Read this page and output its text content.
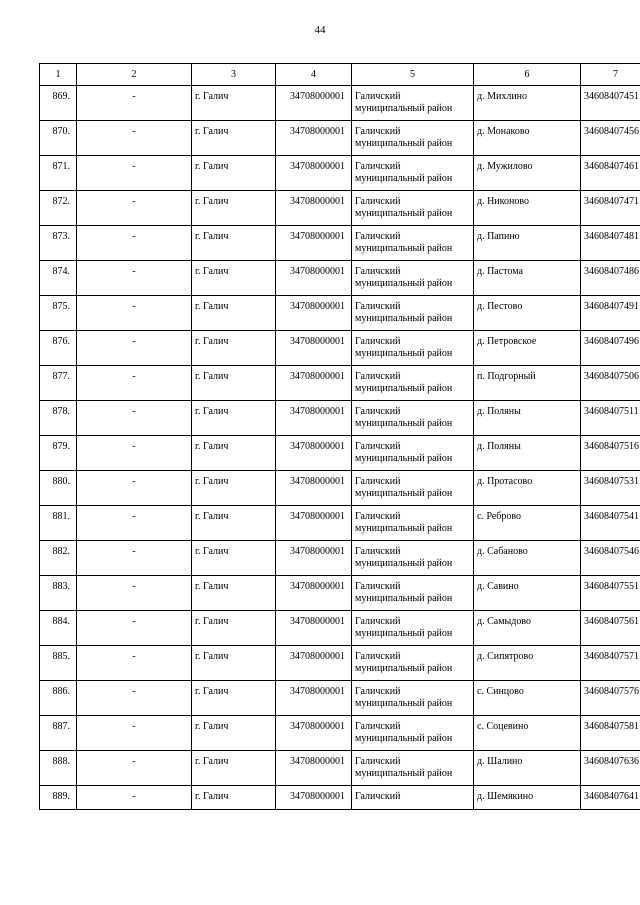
44
1	2	3	4	5	6	7
869.	-	г. Галич	34708000001	Галичский
муниципальный район	д. Михлино	34608407451
870.	-	г. Галич	34708000001	Галичский
муниципальный район	д. Монаково	34608407456
871.	-	г. Галич	34708000001	Галичский
муниципальный район	д. Мужилово	34608407461
872.	-	г. Галич	34708000001	Галичский
муниципальный район	д. Никоново	34608407471
873.	-	г. Галич	34708000001	Галичский
муниципальный район	д. Папино	34608407481
874.	-	г. Галич	34708000001	Галичский
муниципальный район	д. Пастома	34608407486
875.	-	г. Галич	34708000001	Галичский
муниципальный район	д. Пестово	34608407491
876.	-	г. Галич	34708000001	Галичский
муниципальный район	д. Петровское	34608407496
877.	-	г. Галич	34708000001	Галичский
муниципальный район	п. Подгорный	34608407506
878.	-	г. Галич	34708000001	Галичский
муниципальный район	д. Поляны	34608407511
879.	-	г. Галич	34708000001	Галичский
муниципальный район	д. Поляны	34608407516
880.	-	г. Галич	34708000001	Галичский
муниципальный район	д. Протасово	34608407531
881.	-	г. Галич	34708000001	Галичский
муниципальный район	с. Реброво	34608407541
882.	-	г. Галич	34708000001	Галичский
муниципальный район	д. Сабаново	34608407546
883.	-	г. Галич	34708000001	Галичский
муниципальный район	д. Савино	34608407551
884.	-	г. Галич	34708000001	Галичский
муниципальный район	д. Самыдово	34608407561
885.	-	г. Галич	34708000001	Галичский
муниципальный район	д. Сипятрово	34608407571
886.	-	г. Галич	34708000001	Галичский
муниципальный район	с. Синцово	34608407576
887.	-	г. Галич	34708000001	Галичский
муниципальный район	с. Соцевино	34608407581
888.	-	г. Галич	34708000001	Галичский
муниципальный район	д. Шалино	34608407636
889.	-	г. Галич	34708000001	Галичский	д. Шемякино	34608407641
